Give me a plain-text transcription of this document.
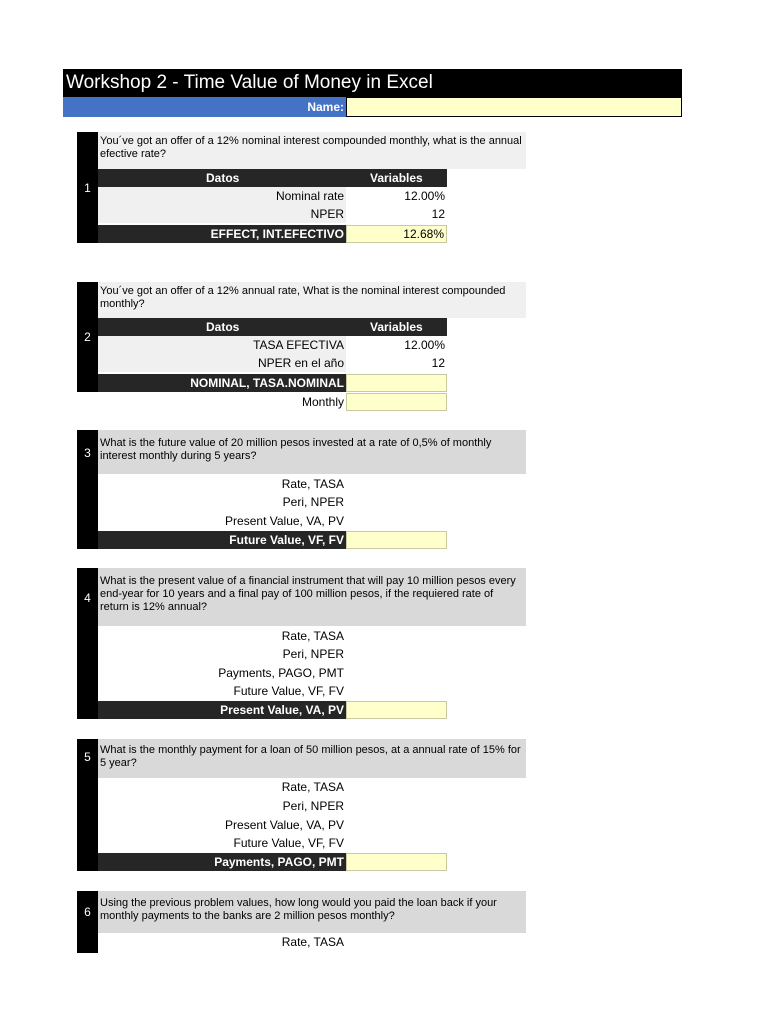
Workshop 2 - Time Value of Money in Excel
Name:
1
You´ve got an offer of a 12% nominal interest compounded monthly, what is the annual efective rate?
Datos	Variables
Nominal rate	12.00%
NPER	12
EFFECT, INT.EFECTIVO	12.68%
2
You´ve got an offer of a 12% annual rate, What is the nominal interest compounded monthly?
Datos	Variables
TASA EFECTIVA	12.00%
NPER en el año	12
NOMINAL, TASA.NOMINAL
Monthly
3
What is the future value of 20 million pesos invested at a rate of 0,5% of monthly interest monthly during 5 years?
Rate, TASA
Peri, NPER
Present Value, VA, PV
Future Value, VF, FV
4
What is the present value of a financial instrument that will pay 10 million pesos every end-year for 10 years and a final pay of 100 million pesos, if the requiered rate of return is 12% annual?
Rate, TASA
Peri, NPER
Payments, PAGO, PMT
Future Value, VF, FV
Present Value, VA, PV
5 What is the monthly payment for a loan of 50 million pesos, at a annual rate of 15% for 5 year?
Rate, TASA
Peri, NPER
Present Value, VA, PV
Future Value, VF, FV
Payments, PAGO, PMT
6
Using the previous problem values, how long would you paid the loan back if your monthly payments to the banks are 2 million pesos monthly?
Rate, TASA
